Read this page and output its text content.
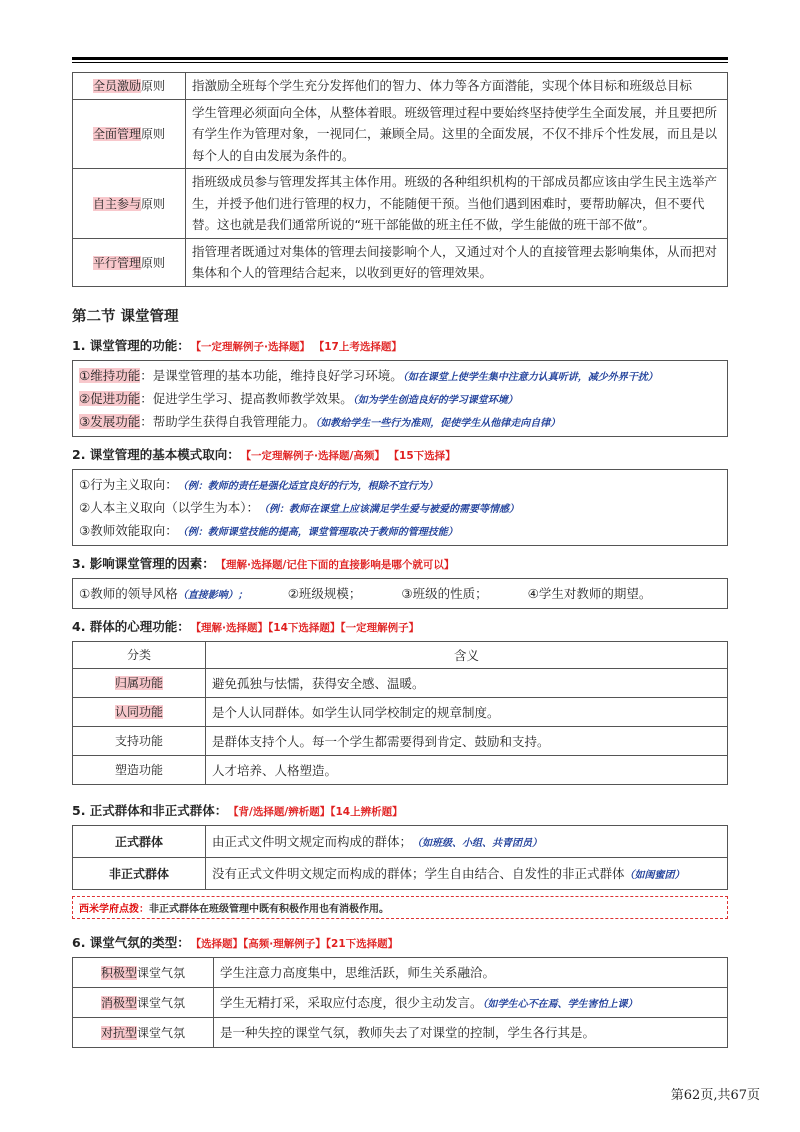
全员激励原则	指激励全班每个学生充分发挥他们的智力、体力等各方面潜能，实现个体目标和班级总目标
全面管理原则	学生管理必须面向全体，从整体着眼。班级管理过程中要始终坚持使学生全面发展，并且要把所有学生作为管理对象，一视同仁，兼顾全局。这里的全面发展，不仅不排斥个性发展，而且是以每个人的自由发展为条件的。
自主参与原则	指班级成员参与管理发挥其主体作用。班级的各种组织机构的干部成员都应该由学生民主选举产生，并授予他们进行管理的权力，不能随便干预。当他们遇到困难时，要帮助解决，但不要代替。这也就是我们通常所说的“班干部能做的班主任不做，学生能做的班干部不做”。
平行管理原则	指管理者既通过对集体的管理去间接影响个人，又通过对个人的直接管理去影响集体，从而把对集体和个人的管理结合起来，以收到更好的管理效果。
第二节 课堂管理
1. 课堂管理的功能： 【一定理解例子·选择题】 【17上考选择题】
①维持功能：是课堂管理的基本功能，维持良好学习环境。（如在课堂上使学生集中注意力认真听讲，减少外界干扰）
②促进功能：促进学生学习、提高教师教学效果。（如为学生创造良好的学习课堂环境）
③发展功能：帮助学生获得自我管理能力。（如教给学生一些行为准则，促使学生从他律走向自律）
2. 课堂管理的基本模式取向： 【一定理解例子·选择题/高频】 【15下选择】
①行为主义取向：（例：教师的责任是强化适宜良好的行为，根除不宜行为）
②人本主义取向（以学生为本）：（例：教师在课堂上应该满足学生爱与被爱的需要等情感）
③教师效能取向：（例：教师课堂技能的提高，课堂管理取决于教师的管理技能）
3. 影响课堂管理的因素： 【理解·选择题/记住下面的直接影响是哪个就可以】
①教师的领导风格（直接影响）；	②班级规模；	③班级的性质；	④学生对教师的期望。
4. 群体的心理功能： 【理解·选择题】【14下选择题】【一定理解例子】
分类	含义
归属功能	避免孤独与怯懦，获得安全感、温暖。
认同功能	是个人认同群体。如学生认同学校制定的规章制度。
支持功能	是群体支持个人。每一个学生都需要得到肯定、鼓励和支持。
塑造功能	人才培养、人格塑造。
5. 正式群体和非正式群体： 【背/选择题/辨析题】【14上辨析题】
正式群体	由正式文件明文规定而构成的群体；（如班级、小组、共青团员）
非正式群体	没有正式文件明文规定而构成的群体；学生自由结合、自发性的非正式群体（如闺蜜团）
西米学府点拨：非正式群体在班级管理中既有积极作用也有消极作用。
6. 课堂气氛的类型： 【选择题】【高频·理解例子】【21下选择题】
积极型课堂气氛	学生注意力高度集中，思维活跃，师生关系融洽。
消极型课堂气氛	学生无精打采，采取应付态度，很少主动发言。（如学生心不在焉、学生害怕上课）
对抗型课堂气氛	是一种失控的课堂气氛，教师失去了对课堂的控制，学生各行其是。
第62页,共67页
